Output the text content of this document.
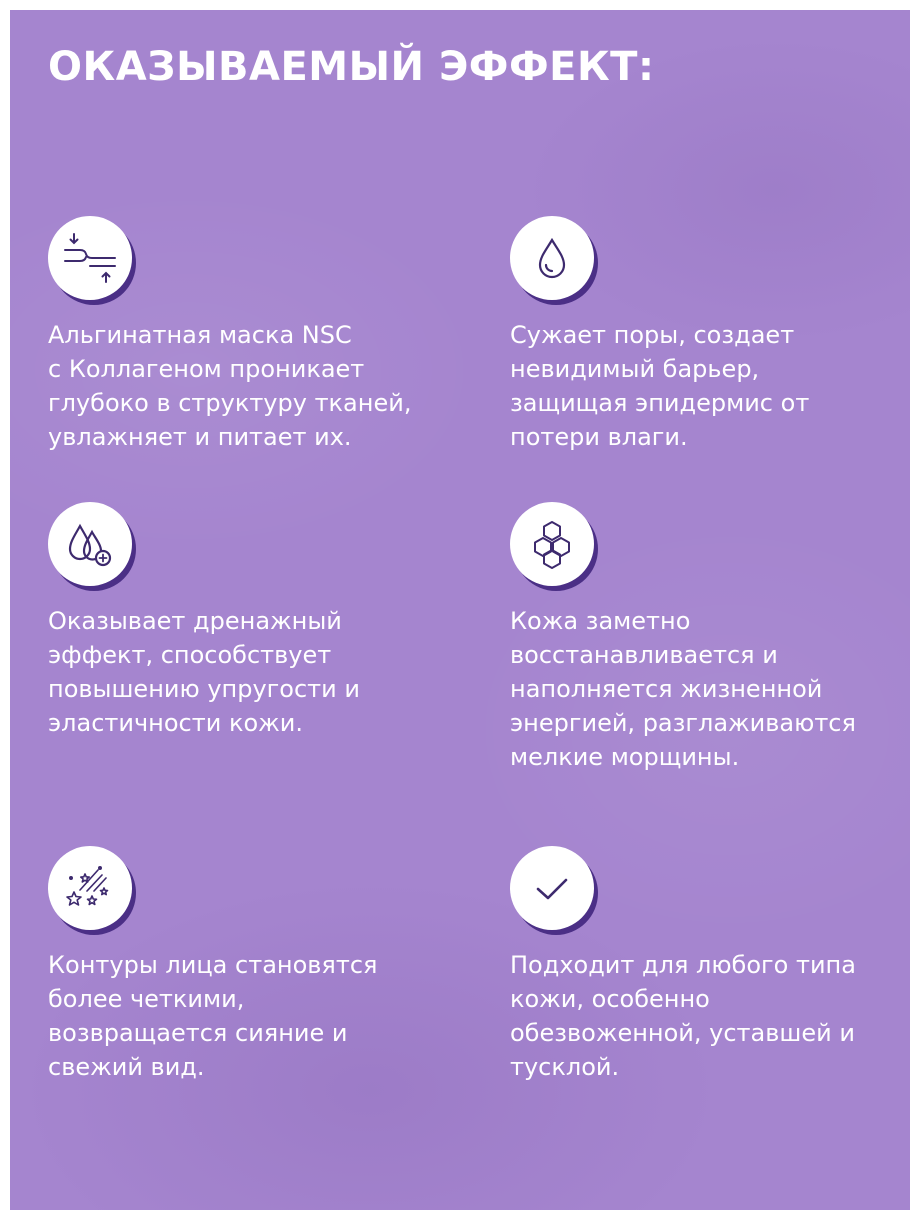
ОКАЗЫВАЕМЫЙ ЭФФЕКТ:

Альгинатная маска NSC
с Коллагеном проникает
глубоко в структуру тканей,
увлажняет и питает их.

Сужает поры, создает
невидимый барьер,
защищая эпидермис от
потери влаги.

Оказывает дренажный
эффект, способствует
повышению упругости и
эластичности кожи.

Кожа заметно
восстанавливается и
наполняется жизненной
энергией, разглаживаются
мелкие морщины.

Контуры лица становятся
более четкими,
возвращается сияние и
свежий вид.

Подходит для любого типа
кожи, особенно
обезвоженной, уставшей и
тусклой.
